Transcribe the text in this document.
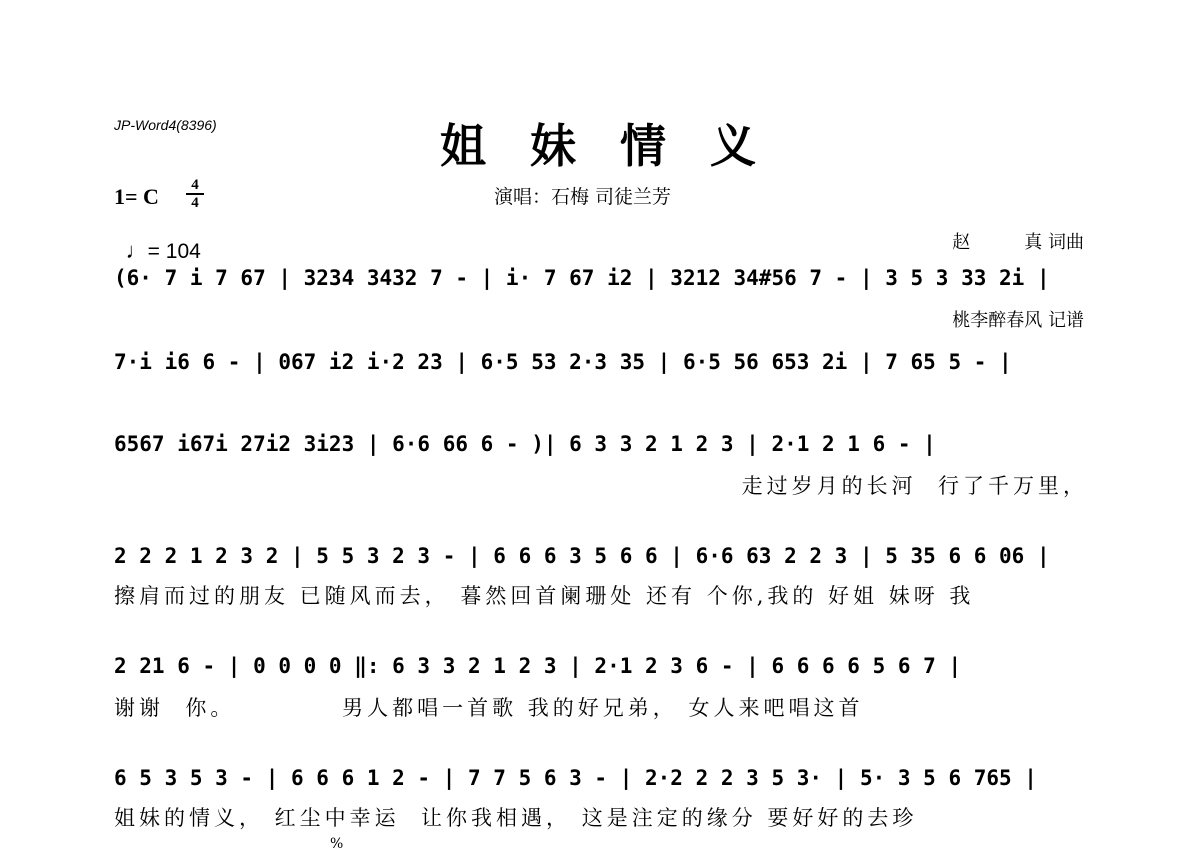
JP-Word4(8396)	姐 妹 情 义
1= C	4
4

♩= 104

演唱：石梅 司徒兰芳

赵　　　真 词曲

桃李醉春风 记谱

(6· 7 i 7 67 | 3234 3432 7 - | i· 7 67 i2 | 3212 34#56 7 - | 3 5 3 33 2i |
7·i i6 6 - | 067 i2 i·2 23 | 6·5 53 2·3 35 | 6·5 56 653 2i | 7 65 5 - |
6567 i67i 27i2 3i23 | 6·6 66 6 - )| 6 3 3 2 1 2 3 | 2·1 2 1 6 - |
走过岁月的长河  行了千万里，
2 2 2 1 2 3 2 | 5 5 3 2 3 - | 6 6 6 3 5 6 6 | 6·6 63 2 2 3 | 5 35 6 6 06 |
擦肩而过的朋友 已随风而去， 暮然回首阑珊处 还有 个你,我的 好姐 妹呀 我
2 21 6 - | 0 0 0 0 ‖: 6 3 3 2 1 2 3 | 2·1 2 3 6 - | 6 6 6 6 5 6 7 |
谢谢  你。          男人都唱一首歌 我的好兄弟， 女人来吧唱这首
6 5 3 5 3 - | 6 6 6 1 2 - | 7 7 5 6 3 - | 2·2 2 2 3 5 3· | 5· 3 5 6 765 |
姐妹的情义， 红尘中幸运  让你我相遇， 这是注定的缘分 要好好的去珍
%
